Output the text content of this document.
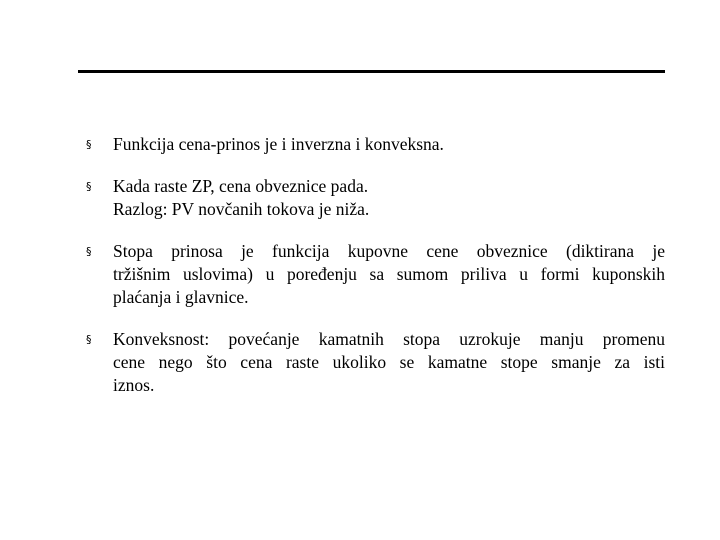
§ Funkcija cena-prinos je i inverzna i konveksna.
§ Kada raste ZP, cena obveznice pada.
Razlog: PV novčanih tokova je niža.
§ Stopa prinosa je funkcija kupovne cene obveznice (diktirana je
tržišnim uslovima) u poređenju sa sumom priliva u formi kuponskih
plaćanja i glavnice.
§ Konveksnost: povećanje kamatnih stopa uzrokuje manju promenu
cene nego što cena raste ukoliko se kamatne stope smanje za isti
iznos.
